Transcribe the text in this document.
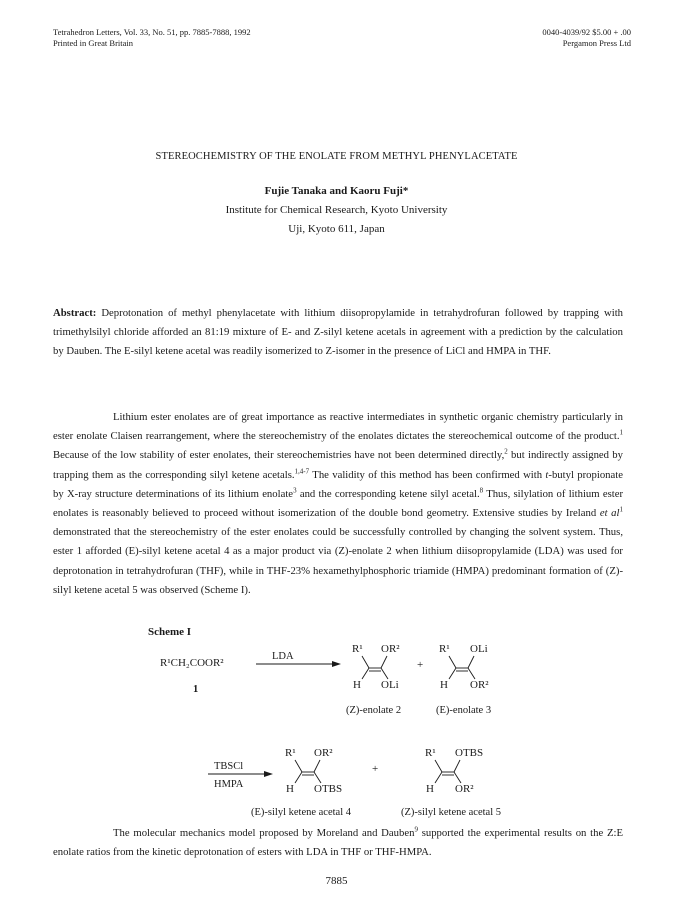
Tetrahedron Letters, Vol. 33, No. 51, pp. 7885-7888, 1992
Printed in Great Britain
0040-4039/92 $5.00 + .00
Pergamon Press Ltd
STEREOCHEMISTRY OF THE ENOLATE FROM METHYL PHENYLACETATE
Fujie Tanaka and Kaoru Fuji*
Institute for Chemical Research, Kyoto University
Uji, Kyoto 611, Japan
Abstract: Deprotonation of methyl phenylacetate with lithium diisopropylamide in tetrahydrofuran followed by trapping with trimethylsilyl chloride afforded an 81:19 mixture of E- and Z-silyl ketene acetals in agreement with a prediction by the calculation by Dauben. The E-silyl ketene acetal was readily isomerized to Z-isomer in the presence of LiCl and HMPA in THF.
Lithium ester enolates are of great importance as reactive intermediates in synthetic organic chemistry particularly in ester enolate Claisen rearrangement, where the stereochemistry of the enolates dictates the stereochemical outcome of the product.$^1$ Because of the low stability of ester enolates, their stereochemistries have not been determined directly,$^2$ but indirectly assigned by trapping them as the corresponding silyl ketene acetals.$^{1,4-7}$ The validity of this method has been confirmed with t-butyl propionate by X-ray structure determinations of its lithium enolate$^3$ and the corresponding ketene silyl acetal.$^8$ Thus, silylation of lithium ester enolates is reasonably believed to proceed without isomerization of the double bond geometry. Extensive studies by Ireland et $al^1$ demonstrated that the stereochemistry of the ester enolates could be successfully controlled by changing the solvent system. Thus, ester 1 afforded (E)-silyl ketene acetal 4 as a major product via (Z)-enolate 2 when lithium diisopropylamide (LDA) was used for deprotonation in tetrahydrofuran (THF), while in THF-23% hexamethylphosphoric triamide (HMPA) predominant formation of (Z)-silyl ketene acetal 5 was observed (Scheme I).
Scheme I
R¹CH₂COOR²
1
LDA
R¹ OR²
H OLi
+
R¹ OLi
H OR²
(Z)-enolate 2	(E)-enolate 3
TBSCl
HMPA
R¹ OR²
H OTBS
+
R¹ OTBS
H OR²
(E)-silyl ketene acetal 4	(Z)-silyl ketene acetal 5
The molecular mechanics model proposed by Moreland and Dauben$^9$ supported the experimental results on the Z:E enolate ratios from the kinetic deprotonation of esters with LDA in THF or THF-HMPA.
7885
